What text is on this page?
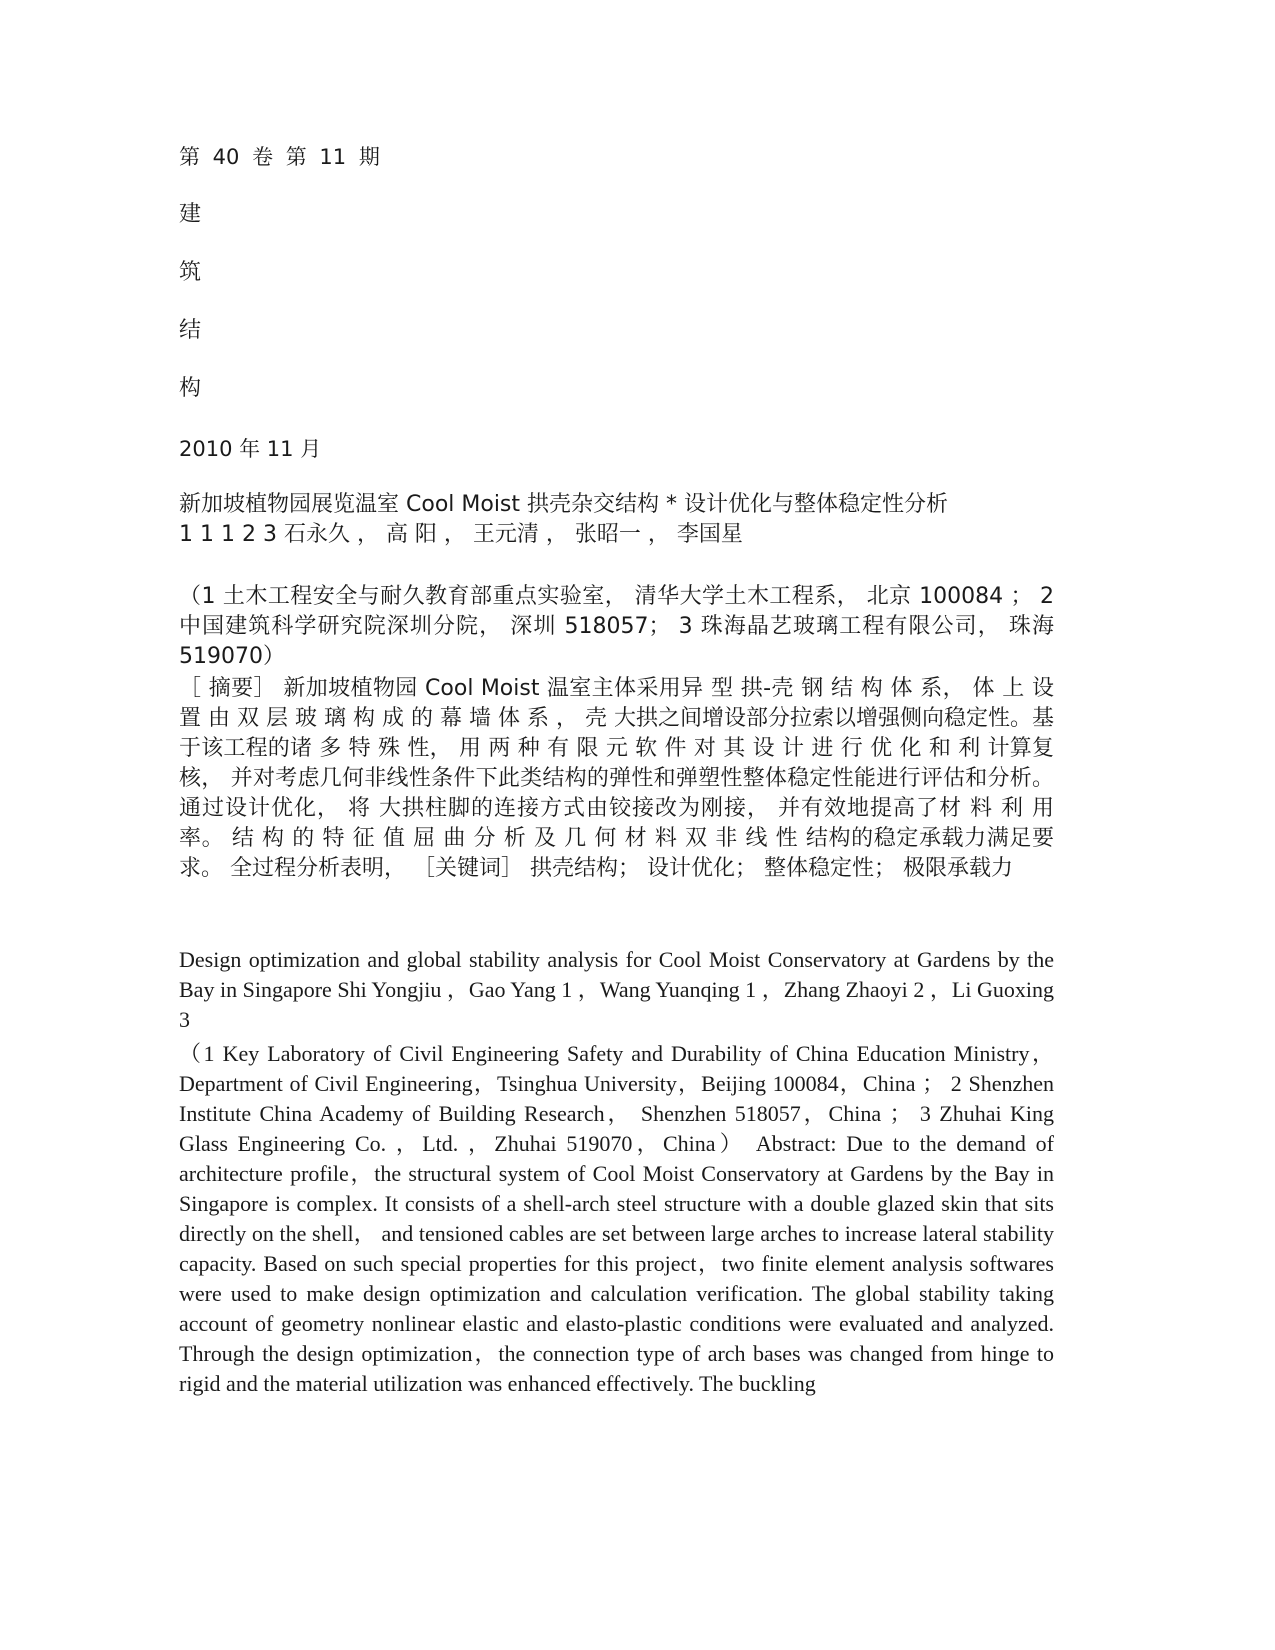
第 40 卷 第 11 期
建
筑
结
构
2010 年 11 月

新加坡植物园展览温室 Cool Moist 拱壳杂交结构 * 设计优化与整体稳定性分析

1 1 1 2 3 石永久 ， 高 阳 ， 王元清 ， 张昭一 ， 李国星

（1 土木工程安全与耐久教育部重点实验室， 清华大学土木工程系， 北京 100084 ； 2 中国建筑科学研究院深圳分院， 深圳 518057； 3 珠海晶艺玻璃工程有限公司， 珠海 519070）

［ 摘要］ 新加坡植物园 Cool Moist 温室主体采用异 型 拱-壳 钢 结 构 体 系， 体 上 设 置 由 双 层 玻 璃 构 成 的 幕 墙 体 系 ， 壳 大拱之间增设部分拉索以增强侧向稳定性。基于该工程的诸 多 特 殊 性， 用 两 种 有 限 元 软 件 对 其 设 计 进 行 优 化 和 利 计算复核， 并对考虑几何非线性条件下此类结构的弹性和弹塑性整体稳定性能进行评估和分析。通过设计优化， 将 大拱柱脚的连接方式由铰接改为刚接， 并有效地提高了材 料 利 用 率。 结 构 的 特 征 值 屈 曲 分 析 及 几 何 材 料 双 非 线 性 结构的稳定承载力满足要求。 全过程分析表明， ［关键词］ 拱壳结构； 设计优化； 整体稳定性； 极限承载力

Design optimization and global stability analysis for Cool Moist Conservatory at Gardens by the Bay in Singapore Shi Yongjiu ，Gao Yang 1 ，Wang Yuanqing 1 ，Zhang Zhaoyi 2 ，Li Guoxing 3

（1 Key Laboratory of Civil Engineering Safety and Durability of China Education Ministry，Department of Civil Engineering，Tsinghua University，Beijing 100084，China ； 2 Shenzhen Institute China Academy of Building Research， Shenzhen 518057，China ； 3 Zhuhai King Glass Engineering Co. ，Ltd. ，Zhuhai 519070，China） Abstract: Due to the demand of architecture profile，the structural system of Cool Moist Conservatory at Gardens by the Bay in Singapore is complex. It consists of a shell-arch steel structure with a double glazed skin that sits directly on the shell， and tensioned cables are set between large arches to increase lateral stability capacity. Based on such special properties for this project，two finite element analysis softwares were used to make design optimization and calculation verification. The global stability taking account of geometry nonlinear elastic and elasto-plastic conditions were evaluated and analyzed. Through the design optimization，the connection type of arch bases was changed from hinge to rigid and the material utilization was enhanced effectively. The buckling
